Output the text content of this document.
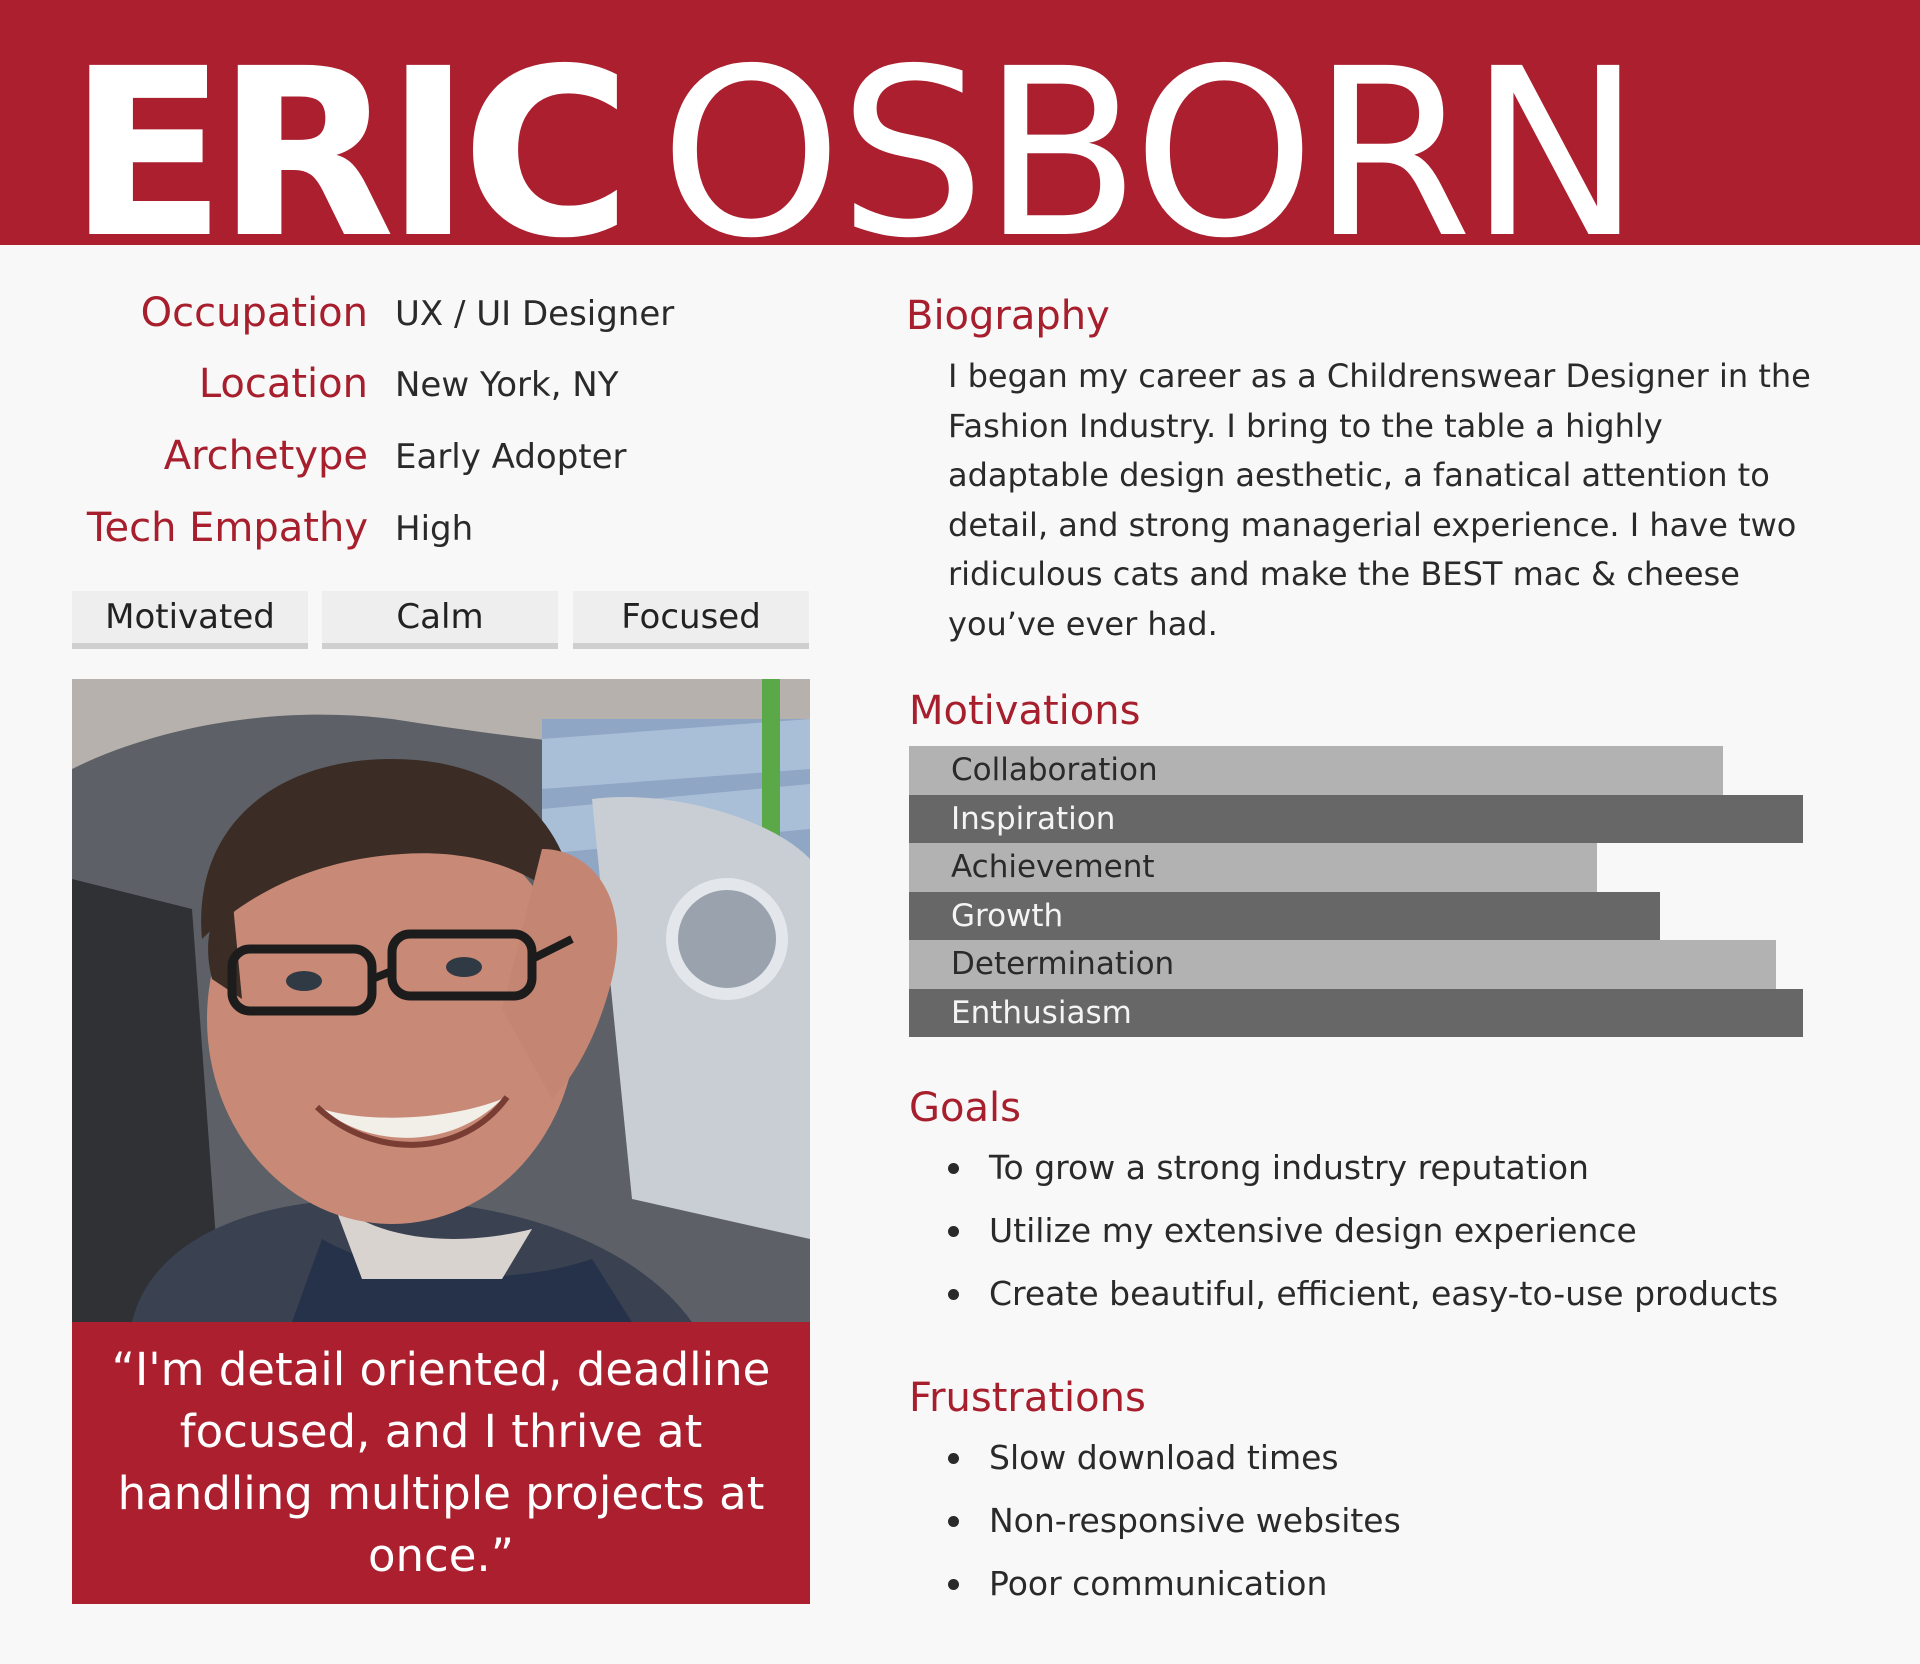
ERIC OSBORN
Occupation UX / UI Designer
Location New York, NY
Archetype Early Adopter
Tech Empathy High
Motivated	Calm	Focused
“I'm detail oriented, deadline focused, and I thrive at handling multiple projects at once.”
Biography
I began my career as a Childrenswear Designer in the Fashion Industry. I bring to the table a highly adaptable design aesthetic, a fanatical attention to detail, and strong managerial experience. I have two ridiculous cats and make the BEST mac & cheese you’ve ever had.
Motivations
Collaboration
Inspiration
Achievement
Growth
Determination
Enthusiasm
Goals
To grow a strong industry reputation
Utilize my extensive design experience
Create beautiful, efficient, easy-to-use products
Frustrations
Slow download times
Non-responsive websites
Poor communication
